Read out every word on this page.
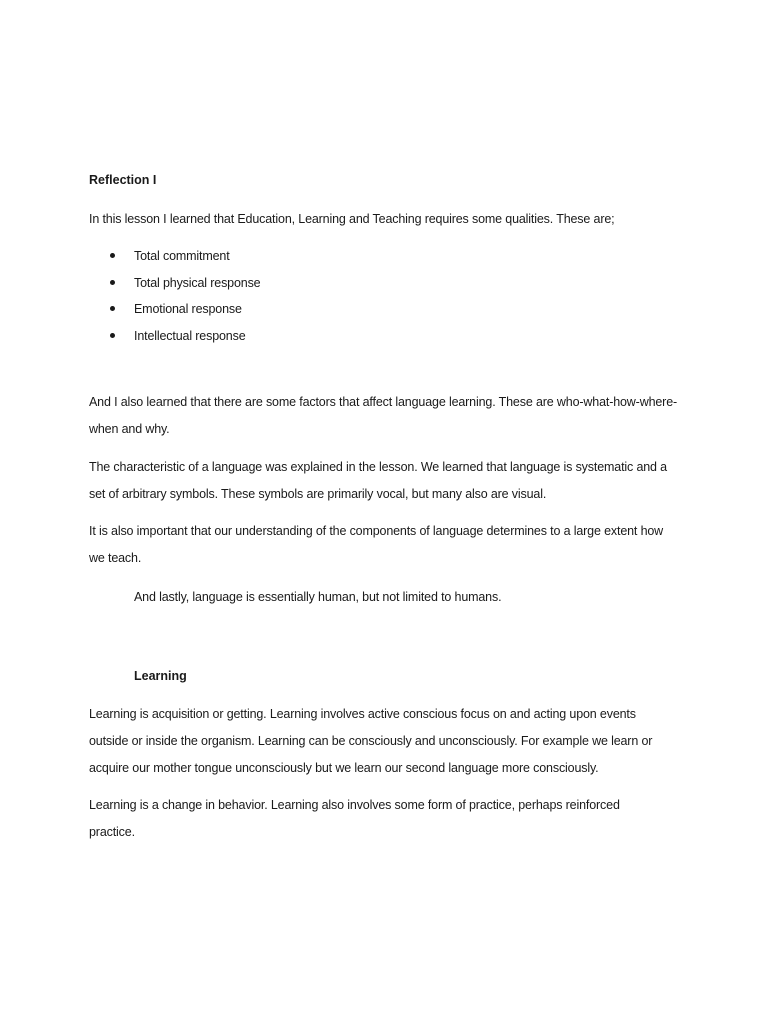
Reflection I

In this lesson I learned that Education, Learning and Teaching requires some qualities. These are;

Total commitment
Total physical response
Emotional response
Intellectual response

And I also learned that there are some factors that affect language learning. These are who-what-how-where-when and why.

The characteristic of a language was explained in the lesson. We learned that language is systematic and a set of arbitrary symbols. These symbols are primarily vocal, but many also are visual.

It is also important that our understanding of the components of language determines to a large extent how we teach.

And lastly, language is essentially human, but not limited to humans.

Learning

Learning is acquisition or getting. Learning involves active conscious focus on and acting upon events outside or inside the organism. Learning can be consciously and unconsciously. For example we learn or acquire our mother tongue unconsciously but we learn our second language more consciously.

Learning is a change in behavior. Learning also involves some form of practice, perhaps reinforced practice.
